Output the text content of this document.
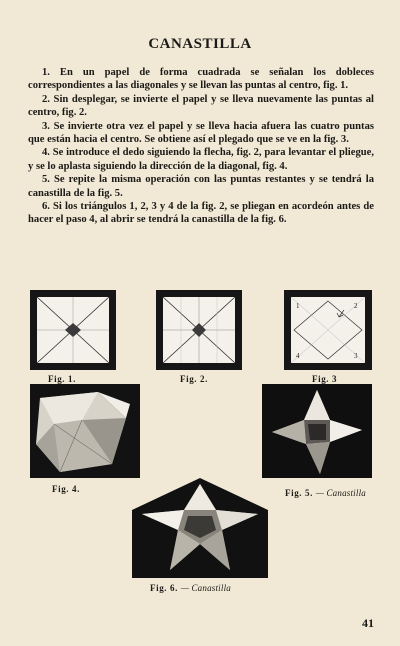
CANASTILLA

1. En un papel de forma cuadrada se señalan los dobleces correspondientes a las diagonales y se llevan las puntas al centro, fig. 1.

2. Sin desplegar, se invierte el papel y se lleva nuevamente las puntas al centro, fig. 2.

3. Se invierte otra vez el papel y se lleva hacia afuera las cuatro puntas que están hacia el centro. Se obtiene así el plegado que se ve en la fig. 3.

4. Se introduce el dedo siguiendo la flecha, fig. 2, para levantar el pliegue, y se lo aplasta siguiendo la dirección de la diagonal, fig. 4.

5. Se repite la misma operación con las puntas restantes y se tendrá la canastilla de la fig. 5.

6. Si los triángulos 1, 2, 3 y 4 de la fig. 2, se pliegan en acordeón antes de hacer el paso 4, al abrir se tendrá la canastilla de la fig. 6.

Fig. 1.	Fig. 2.
1	2
3
4
Fig. 3
Fig. 4.	Fig. 5. — Canastilla
Fig. 6. — Canastilla
41
